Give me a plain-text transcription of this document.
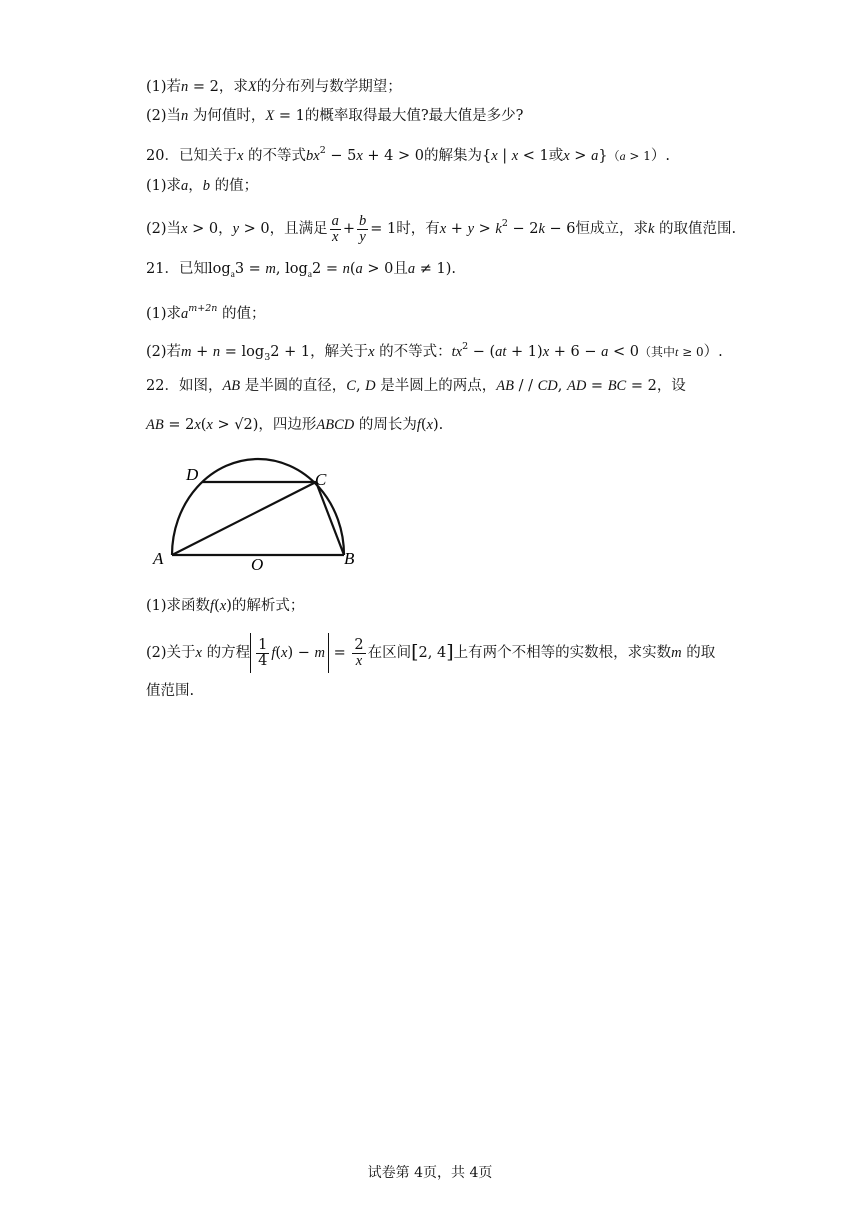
(1)若n = 2，求X的分布列与数学期望；
(2)当n 为何值时，X = 1的概率取得最大值?最大值是多少?
20．已知关于x 的不等式$bx^2 - 5x + 4 > 0$的解集为{x | x < 1或x > a}（a > 1）.
(1)求a，b 的值；
(2)当x > 0，y > 0，且满足 $\frac{a}{x} + \frac{b}{y} = 1$时，有$x + y > k^2 - 2k - 6$恒成立，求k 的取值范围.
21．已知$\log_a3 = m$, $\log_a2 = n(a > 0$且a ≠ 1).
(1)求$a^{m+2n}$ 的值；
(2)若$m + n = \log_32 + 1$，解关于x 的不等式：$tx^2 - (at + 1)x + 6 - a < 0$（其中t ≥ 0）.
22．如图，AB 是半圆的直径，C, D 是半圆上的两点，AB / / CD, AD = BC = 2，设
AB = 2x(x > √2)，四边形ABCD 的周长为f(x).
D	C
A	O	B
(1)求函数f(x)的解析式；
(2)关于x 的方程 $\frac{1}{4} f(x) - m = \frac{2}{x}$ 在区间[2, 4]上有两个不相等的实数根，求实数m 的取
值范围.
试卷第 4页，共 4页
